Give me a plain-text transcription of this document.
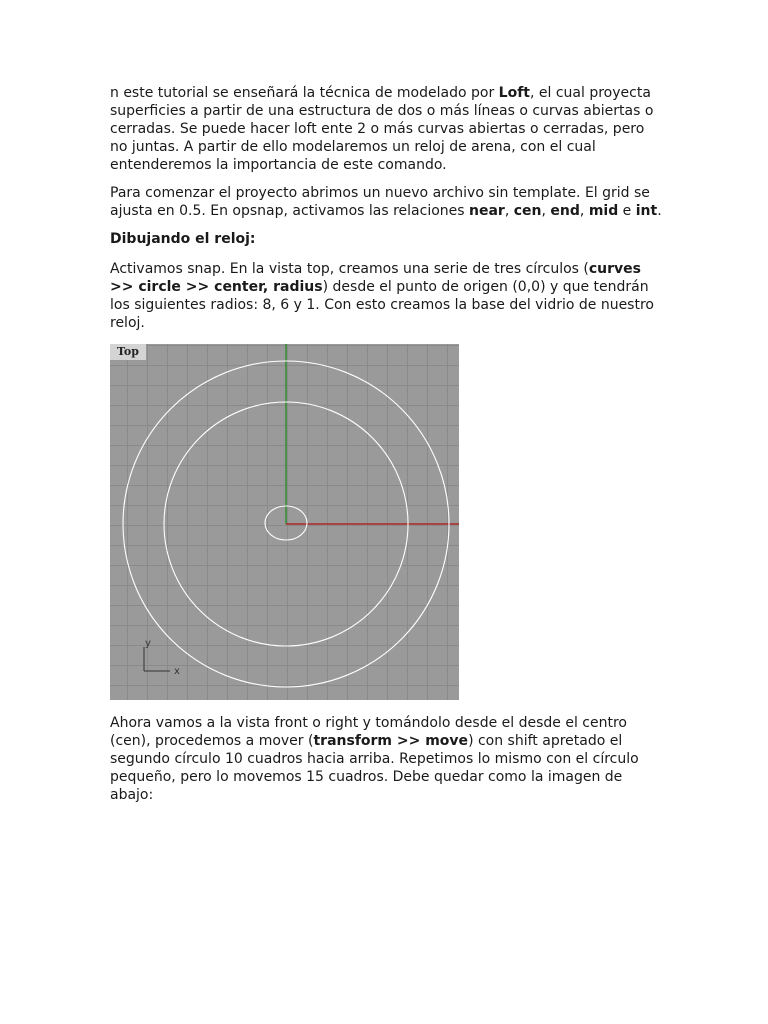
n este tutorial se enseñará la técnica de modelado por Loft, el cual proyecta superficies a partir de una estructura de dos o más líneas o curvas abiertas o cerradas. Se puede hacer loft ente 2 o más curvas abiertas o cerradas, pero no juntas. A partir de ello modelaremos un reloj de arena, con el cual entenderemos la importancia de este comando.

Para comenzar el proyecto abrimos un nuevo archivo sin template. El grid se ajusta en 0.5. En opsnap, activamos las relaciones near, cen, end, mid e int.

Dibujando el reloj:

Activamos snap. En la vista top, creamos una serie de tres círculos (curves >> circle >> center, radius) desde el punto de origen (0,0) y que tendrán los siguientes radios: 8, 6 y 1. Con esto creamos la base del vidrio de nuestro reloj.

y
x
Top

Ahora vamos a la vista front o right y tomándolo desde el desde el centro (cen), procedemos a mover (transform >> move) con shift apretado el segundo círculo 10 cuadros hacia arriba. Repetimos lo mismo con el círculo pequeño, pero lo movemos 15 cuadros. Debe quedar como la imagen de abajo:
